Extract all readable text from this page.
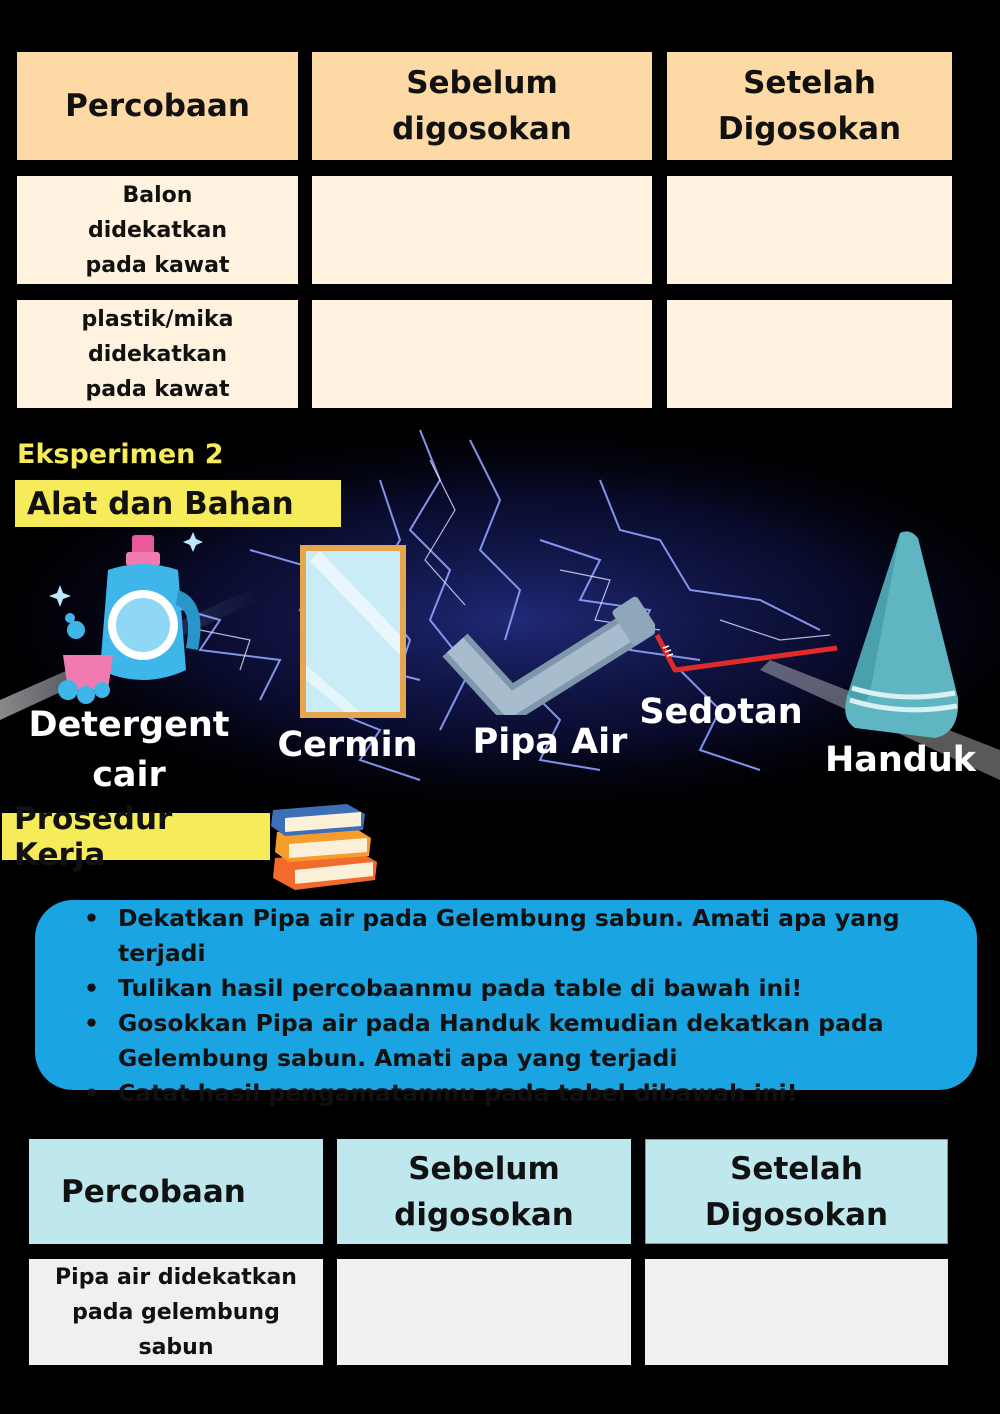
Percobaan
Sebelum digosokan
Setelah Digosokan
Balon didekatkan pada kawat
plastik/mika didekatkan pada kawat
Eksperimen 2
Alat dan Bahan
Detergent cair
Cermin Pipa Air
Sedotan
Handuk
Prosedur Kerja
• Dekatkan Pipa air pada Gelembung sabun. Amati apa yang terjadi
• Tulikan hasil percobaanmu pada table di bawah ini!
• Gosokkan Pipa air pada Handuk kemudian dekatkan pada Gelembung sabun. Amati apa yang terjadi
• Catat hasil pengamatanmu pada tabel dibawah ini!
Percobaan
Sebelum digosokan
Setelah Digosokan
Pipa air didekatkan pada gelembung sabun
